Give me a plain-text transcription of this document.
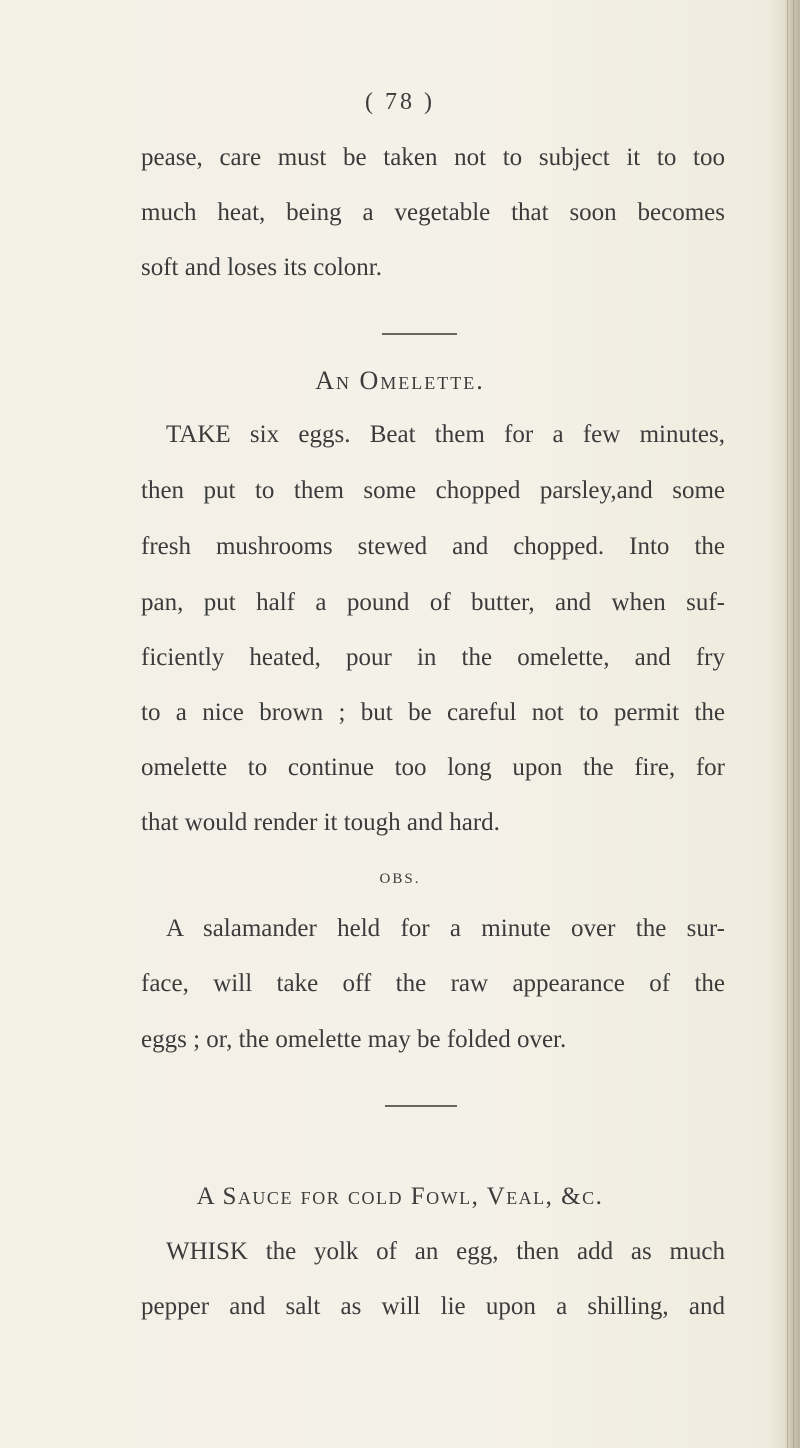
( 78 )
pease, care must be taken not to subject it to too
much heat, being a vegetable that soon becomes
soft and loses its colonr.
An Omelette.
TAKE six eggs. Beat them for a few minutes,
then put to them some chopped parsley,and some
fresh mushrooms stewed and chopped. Into the
pan, put half a pound of butter, and when suf-
ficiently heated, pour in the omelette, and fry
to a nice brown ; but be careful not to permit the
omelette to continue too long upon the fire, for
that would render it tough and hard.
OBS.
A salamander held for a minute over the sur-
face, will take off the raw appearance of the
eggs ; or, the omelette may be folded over.
A Sauce for cold Fowl, Veal, &c.
WHISK the yolk of an egg, then add as much
pepper and salt as will lie upon a shilling, and
